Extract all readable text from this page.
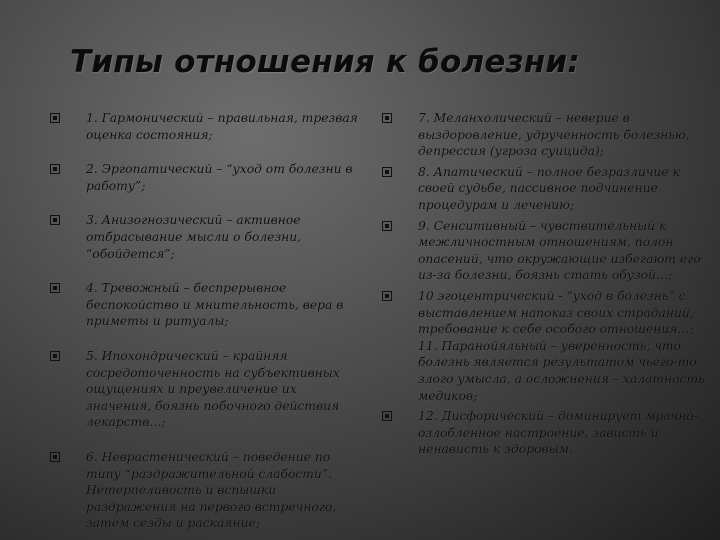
Типы отношения к болезни:
1. Гармонический – правильная, трезвая оценка состояния;
2. Эргопатический – “уход от болезни в работу”;
3. Анизогнозический – активное отбрасывание мысли о болезни, “обойдется”;
4. Тревожный – беспрерывное беспокойство и мнительность, вера в приметы и ритуалы;
5. Ипохондрический – крайняя сосредоточенность на субъективных ощущениях и преувеличение их значения, боязнь побочного действия лекарств…;
6. Неврастенический – поведение по типу “раздражительной слабости”. Нетерпеливость и вспышки раздражения на первого встречного, затем сезды и раскаяние;
7. Меланхолический – неверие в выздоровление, удрученность болезнью, депрессия (угроза суицида);
8. Апатический – полное безразличие к своей судьбе, пассивное подчинение процедурам и лечению;
9. Сенситивный – чувствительный к межличностным отношениям, полон опасений, что окружающие избегают его из-за болезни, боязнь стать обузой…;
10 эгоцентрический - “уход в болезнь” с выставлением напоказ своих страданий, требование к себе особого отношения…; 11. Паранойяльный – уверенность, что болезнь является результатом чьего-то злого умысла, а осложнения – халатность медиков;
12. Дисфорический – доминирует мрачно-озлобленное настроение, зависть и ненависть к здоровым.
